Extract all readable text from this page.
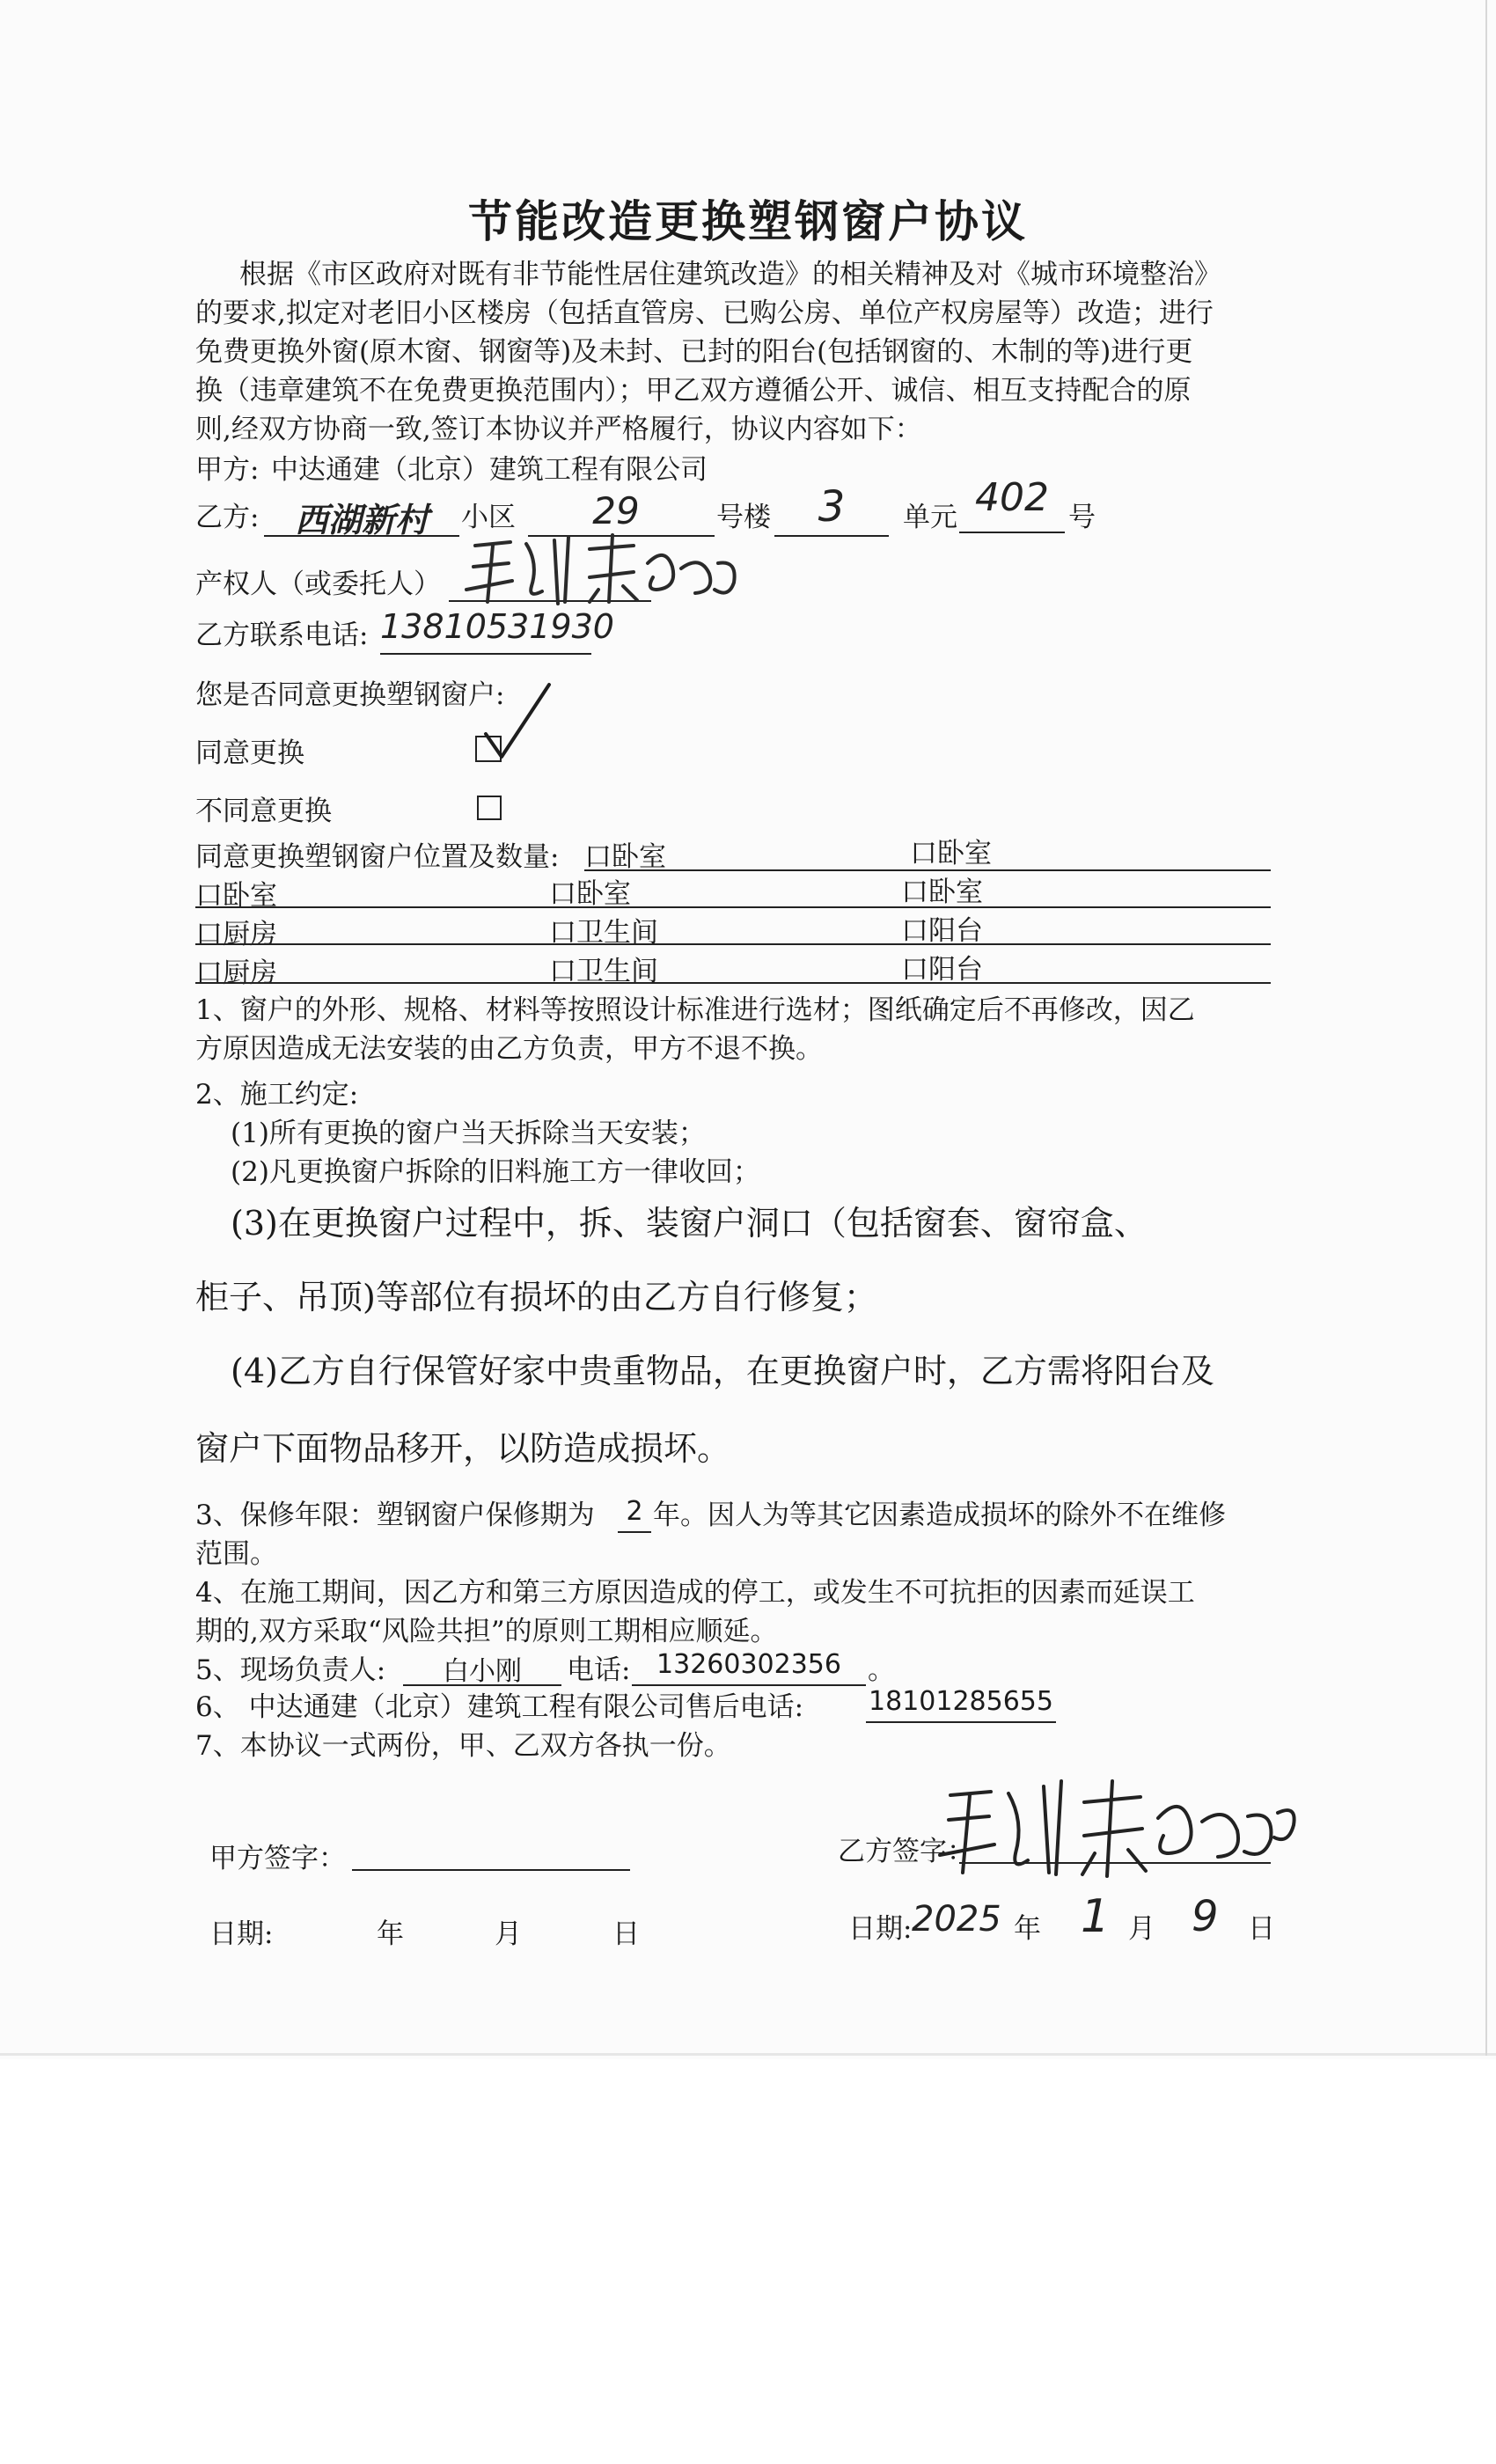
节能改造更换塑钢窗户协议
根据《市区政府对既有非节能性居住建筑改造》的相关精神及对《城市环境整治》
的要求,拟定对老旧小区楼房（包括直管房、已购公房、单位产权房屋等）改造；进行
免费更换外窗(原木窗、钢窗等)及未封、已封的阳台(包括钢窗的、木制的等)进行更
换（违章建筑不在免费更换范围内）；甲乙双方遵循公开、诚信、相互支持配合的原
则,经双方协商一致,签订本协议并严格履行，协议内容如下：
甲方: 中达通建（北京）建筑工程有限公司
乙方:	西湖新村	小区	29	号楼	3	单元 402 号
产权人（或委托人）
乙方联系电话: 13810531930
您是否同意更换塑钢窗户:
同意更换
不同意更换
同意更换塑钢窗户位置及数量: 口卧室	口卧室
口卧室	口卧室	口卧室
口厨房	口卫生间	口阳台
口厨房	口卫生间	口阳台
1、窗户的外形、规格、材料等按照设计标准进行选材；图纸确定后不再修改，因乙
方原因造成无法安装的由乙方负责，甲方不退不换。
2、施工约定:
(1)所有更换的窗户当天拆除当天安装；
(2)凡更换窗户拆除的旧料施工方一律收回；
(3)在更换窗户过程中，拆、装窗户洞口（包括窗套、窗帘盒、
柜子、吊顶)等部位有损坏的由乙方自行修复；
(4)乙方自行保管好家中贵重物品，在更换窗户时，乙方需将阳台及
窗户下面物品移开，以防造成损坏。
3、保修年限：塑钢窗户保修期为 2 年。因人为等其它因素造成损坏的除外不在维修
范围。
4、在施工期间，因乙方和第三方原因造成的停工，或发生不可抗拒的因素而延误工
期的,双方采取“风险共担”的原则工期相应顺延。
5、现场负责人:	白小刚	电话: 13260302356 。
6、 中达通建（北京）建筑工程有限公司售后电话: 18101285655
7、本协议一式两份，甲、乙双方各执一份。
甲方签字：	乙方签字：
日期:	年	月	日	日期: 2025 年 1 月 9 日
